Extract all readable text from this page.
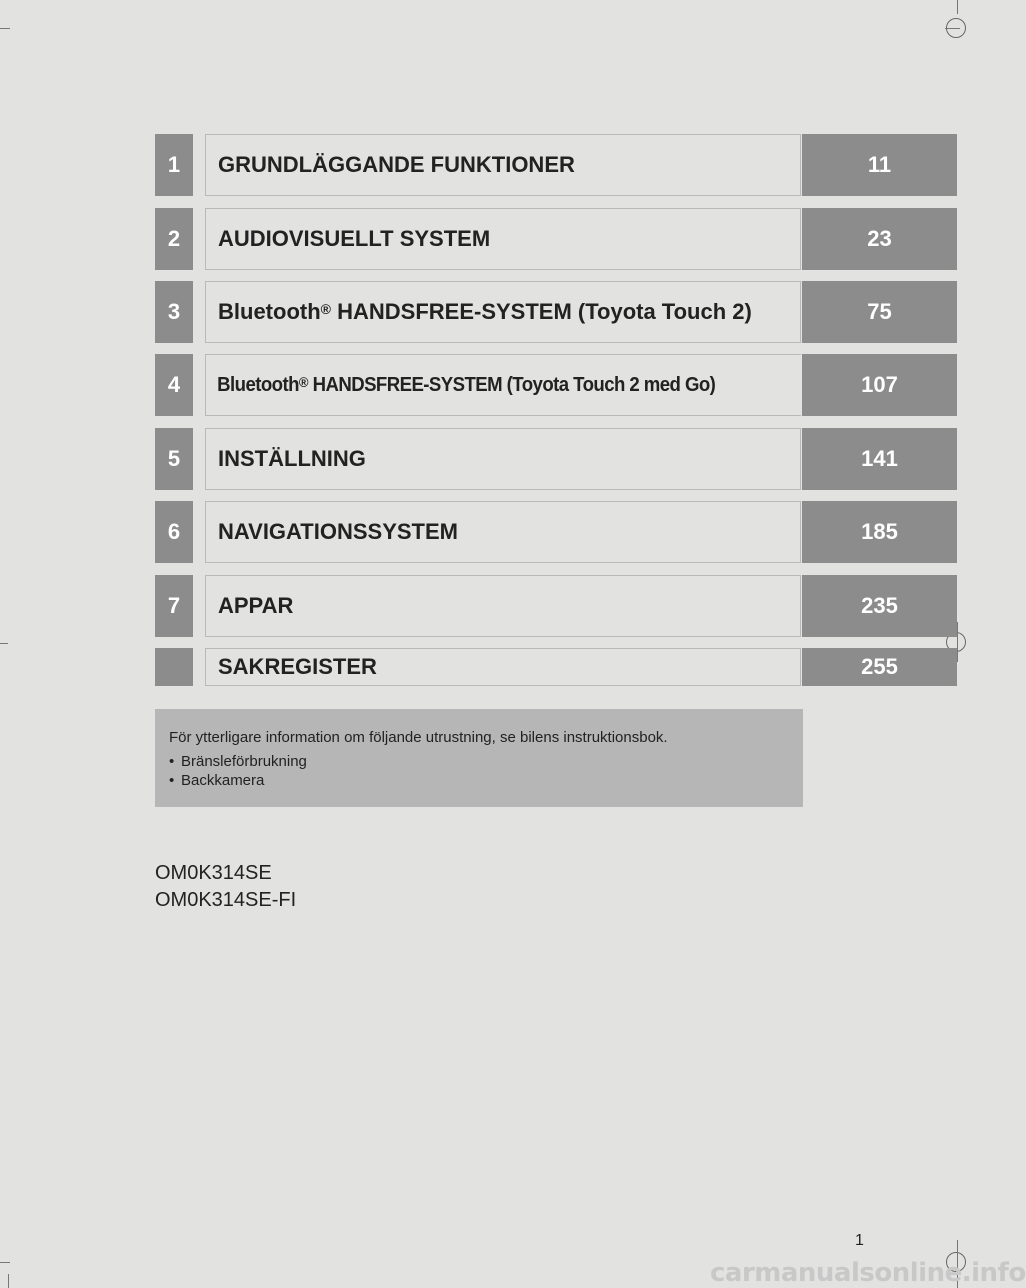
1	GRUNDLÄGGANDE FUNKTIONER	11
2	AUDIOVISUELLT SYSTEM	23
3	Bluetooth® HANDSFREE-SYSTEM (Toyota Touch 2)	75
4	Bluetooth® HANDSFREE-SYSTEM (Toyota Touch 2 med Go)	107
5	INSTÄLLNING	141
6	NAVIGATIONSSYSTEM	185
7	APPAR	235
SAKREGISTER	255
För ytterligare information om följande utrustning, se bilens instruktionsbok.
• Bränsleförbrukning
• Backkamera
OM0K314SE
OM0K314SE-FI
1
carmanualsonline.info
